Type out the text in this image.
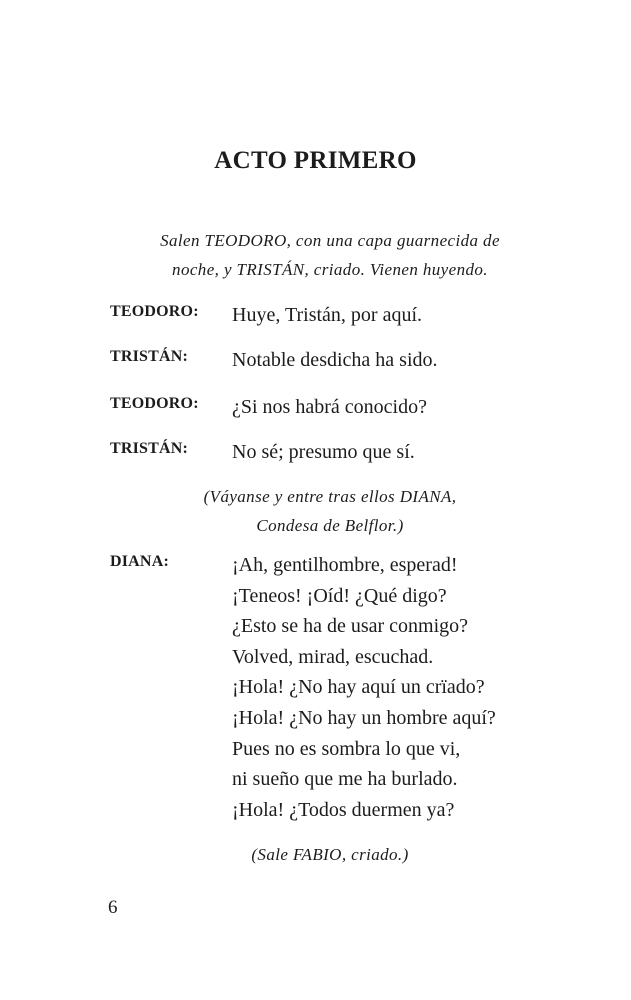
ACTO PRIMERO

Salen TEODORO, con una capa guarnecida de
noche, y TRISTÁN, criado. Vienen huyendo.

TEODORO: Huye, Tristán, por aquí.
TRISTÁN: Notable desdicha ha sido.
TEODORO: ¿Si nos habrá conocido?
TRISTÁN: No sé; presumo que sí.

(Váyanse y entre tras ellos DIANA,
Condesa de Belflor.)

DIANA:	¡Ah, gentilhombre, esperad!
¡Teneos! ¡Oíd! ¿Qué digo?
¿Esto se ha de usar conmigo?
Volved, mirad, escuchad.
¡Hola! ¿No hay aquí un crïado?
¡Hola! ¿No hay un hombre aquí?
Pues no es sombra lo que vi,
ni sueño que me ha burlado.
¡Hola! ¿Todos duermen ya?

(Sale FABIO, criado.)

6
